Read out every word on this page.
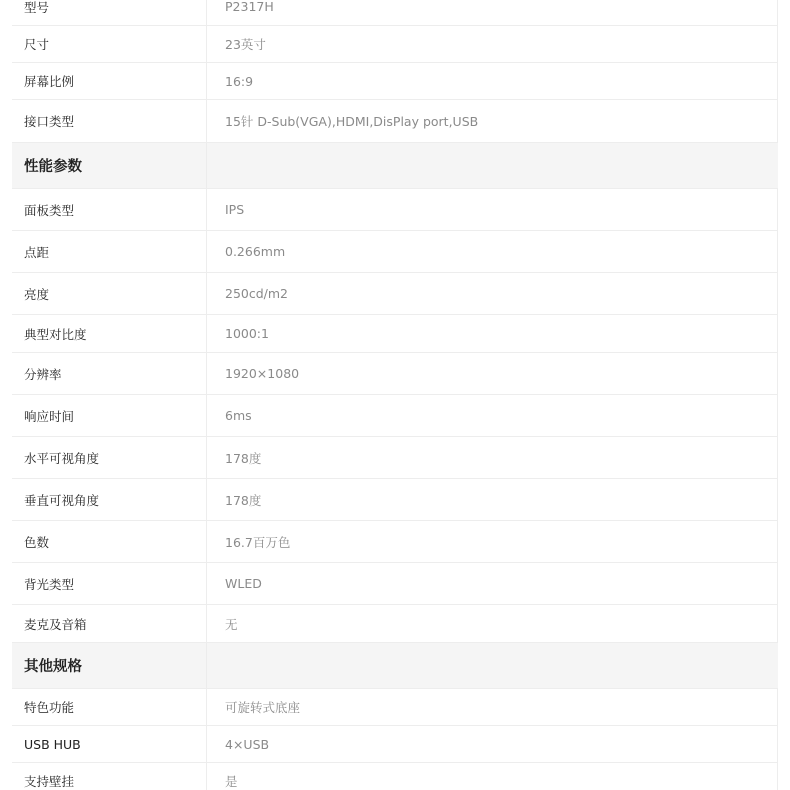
型号	P2317H
尺寸	23英寸
屏幕比例	16:9
接口类型	15针 D-Sub(VGA),HDMI,DisPlay port,USB
性能参数
面板类型	IPS
点距	0.266mm
亮度	250cd/m2
典型对比度	1000:1
分辨率	1920×1080
响应时间	6ms
水平可视角度	178度
垂直可视角度	178度
色数	16.7百万色
背光类型	WLED
麦克及音箱	无
其他规格
特色功能	可旋转式底座
USB HUB	4×USB
支持壁挂	是
